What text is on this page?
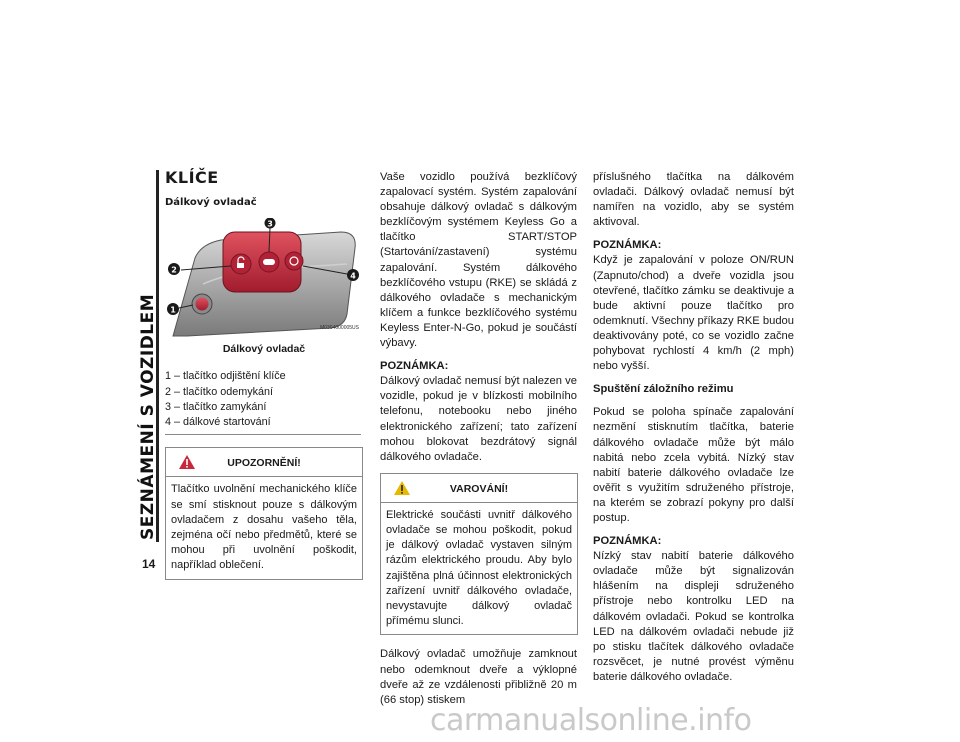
SEZNÁMENÍ S VOZIDLEM
14
KLÍČE
Dálkový ovladač
1
2
3
4
M0304000005US
Dálkový ovladač
1 – tlačítko odjištění klíče
2 – tlačítko odemykání
3 – tlačítko zamykání
4 – dálkové startování
UPOZORNĚNÍ!
Tlačítko uvolnění mechanického klíče se smí stisknout pouze s dálkovým ovladačem z dosahu vašeho těla, zejména očí nebo předmětů, které se mohou při uvolnění poškodit, například oblečení.

Vaše vozidlo používá bezklíčový zapalovací systém. Systém zapalování obsahuje dálkový ovladač s dálkovým bezklíčovým systémem Keyless Go a tlačítko START/STOP (Startování/zastavení) systému zapalování. Systém dálkového bezklíčového vstupu (RKE) se skládá z dálkového ovladače s mechanickým klíčem a funkce bezklíčového systému Keyless Enter-N-Go, pokud je součástí výbavy.

POZNÁMKA:

Dálkový ovladač nemusí být nalezen ve vozidle, pokud je v blízkosti mobilního telefonu, notebooku nebo jiného elektronického zařízení; tato zařízení mohou blokovat bezdrátový signál dálkového ovladače.

VAROVÁNÍ!
Elektrické součásti uvnitř dálkového ovladače se mohou poškodit, pokud je dálkový ovladač vystaven silným rázům elektrického proudu. Aby bylo zajištěna plná účinnost elektronických zařízení uvnitř dálkového ovladače, nevystavujte dálkový ovladač přímému slunci.

Dálkový ovladač umožňuje zamknout nebo odemknout dveře a výklopné dveře až ze vzdálenosti přibližně 20 m (66 stop) stiskem

příslušného tlačítka na dálkovém ovladači. Dálkový ovladač nemusí být namířen na vozidlo, aby se systém aktivoval.

POZNÁMKA:

Když je zapalování v poloze ON/RUN (Zapnuto/chod) a dveře vozidla jsou otevřené, tlačítko zámku se deaktivuje a bude aktivní pouze tlačítko pro odemknutí. Všechny příkazy RKE budou deaktivovány poté, co se vozidlo začne pohybovat rychlostí 4 km/h (2 mph) nebo vyšší.

Spuštění záložního režimu

Pokud se poloha spínače zapalování nezmění stisknutím tlačítka, baterie dálkového ovladače může být málo nabitá nebo zcela vybitá. Nízký stav nabití baterie dálkového ovladače lze ověřit s využitím sdruženého přístroje, na kterém se zobrazí pokyny pro další postup.

POZNÁMKA:

Nízký stav nabití baterie dálkového ovladače může být signalizován hlášením na displeji sdruženého přístroje nebo kontrolku LED na dálkovém ovladači. Pokud se kontrolka LED na dálkovém ovladači nebude již po stisku tlačítek dálkového ovladače rozsvěcet, je nutné provést výměnu baterie dálkového ovladače.

carmanualsonline.info
